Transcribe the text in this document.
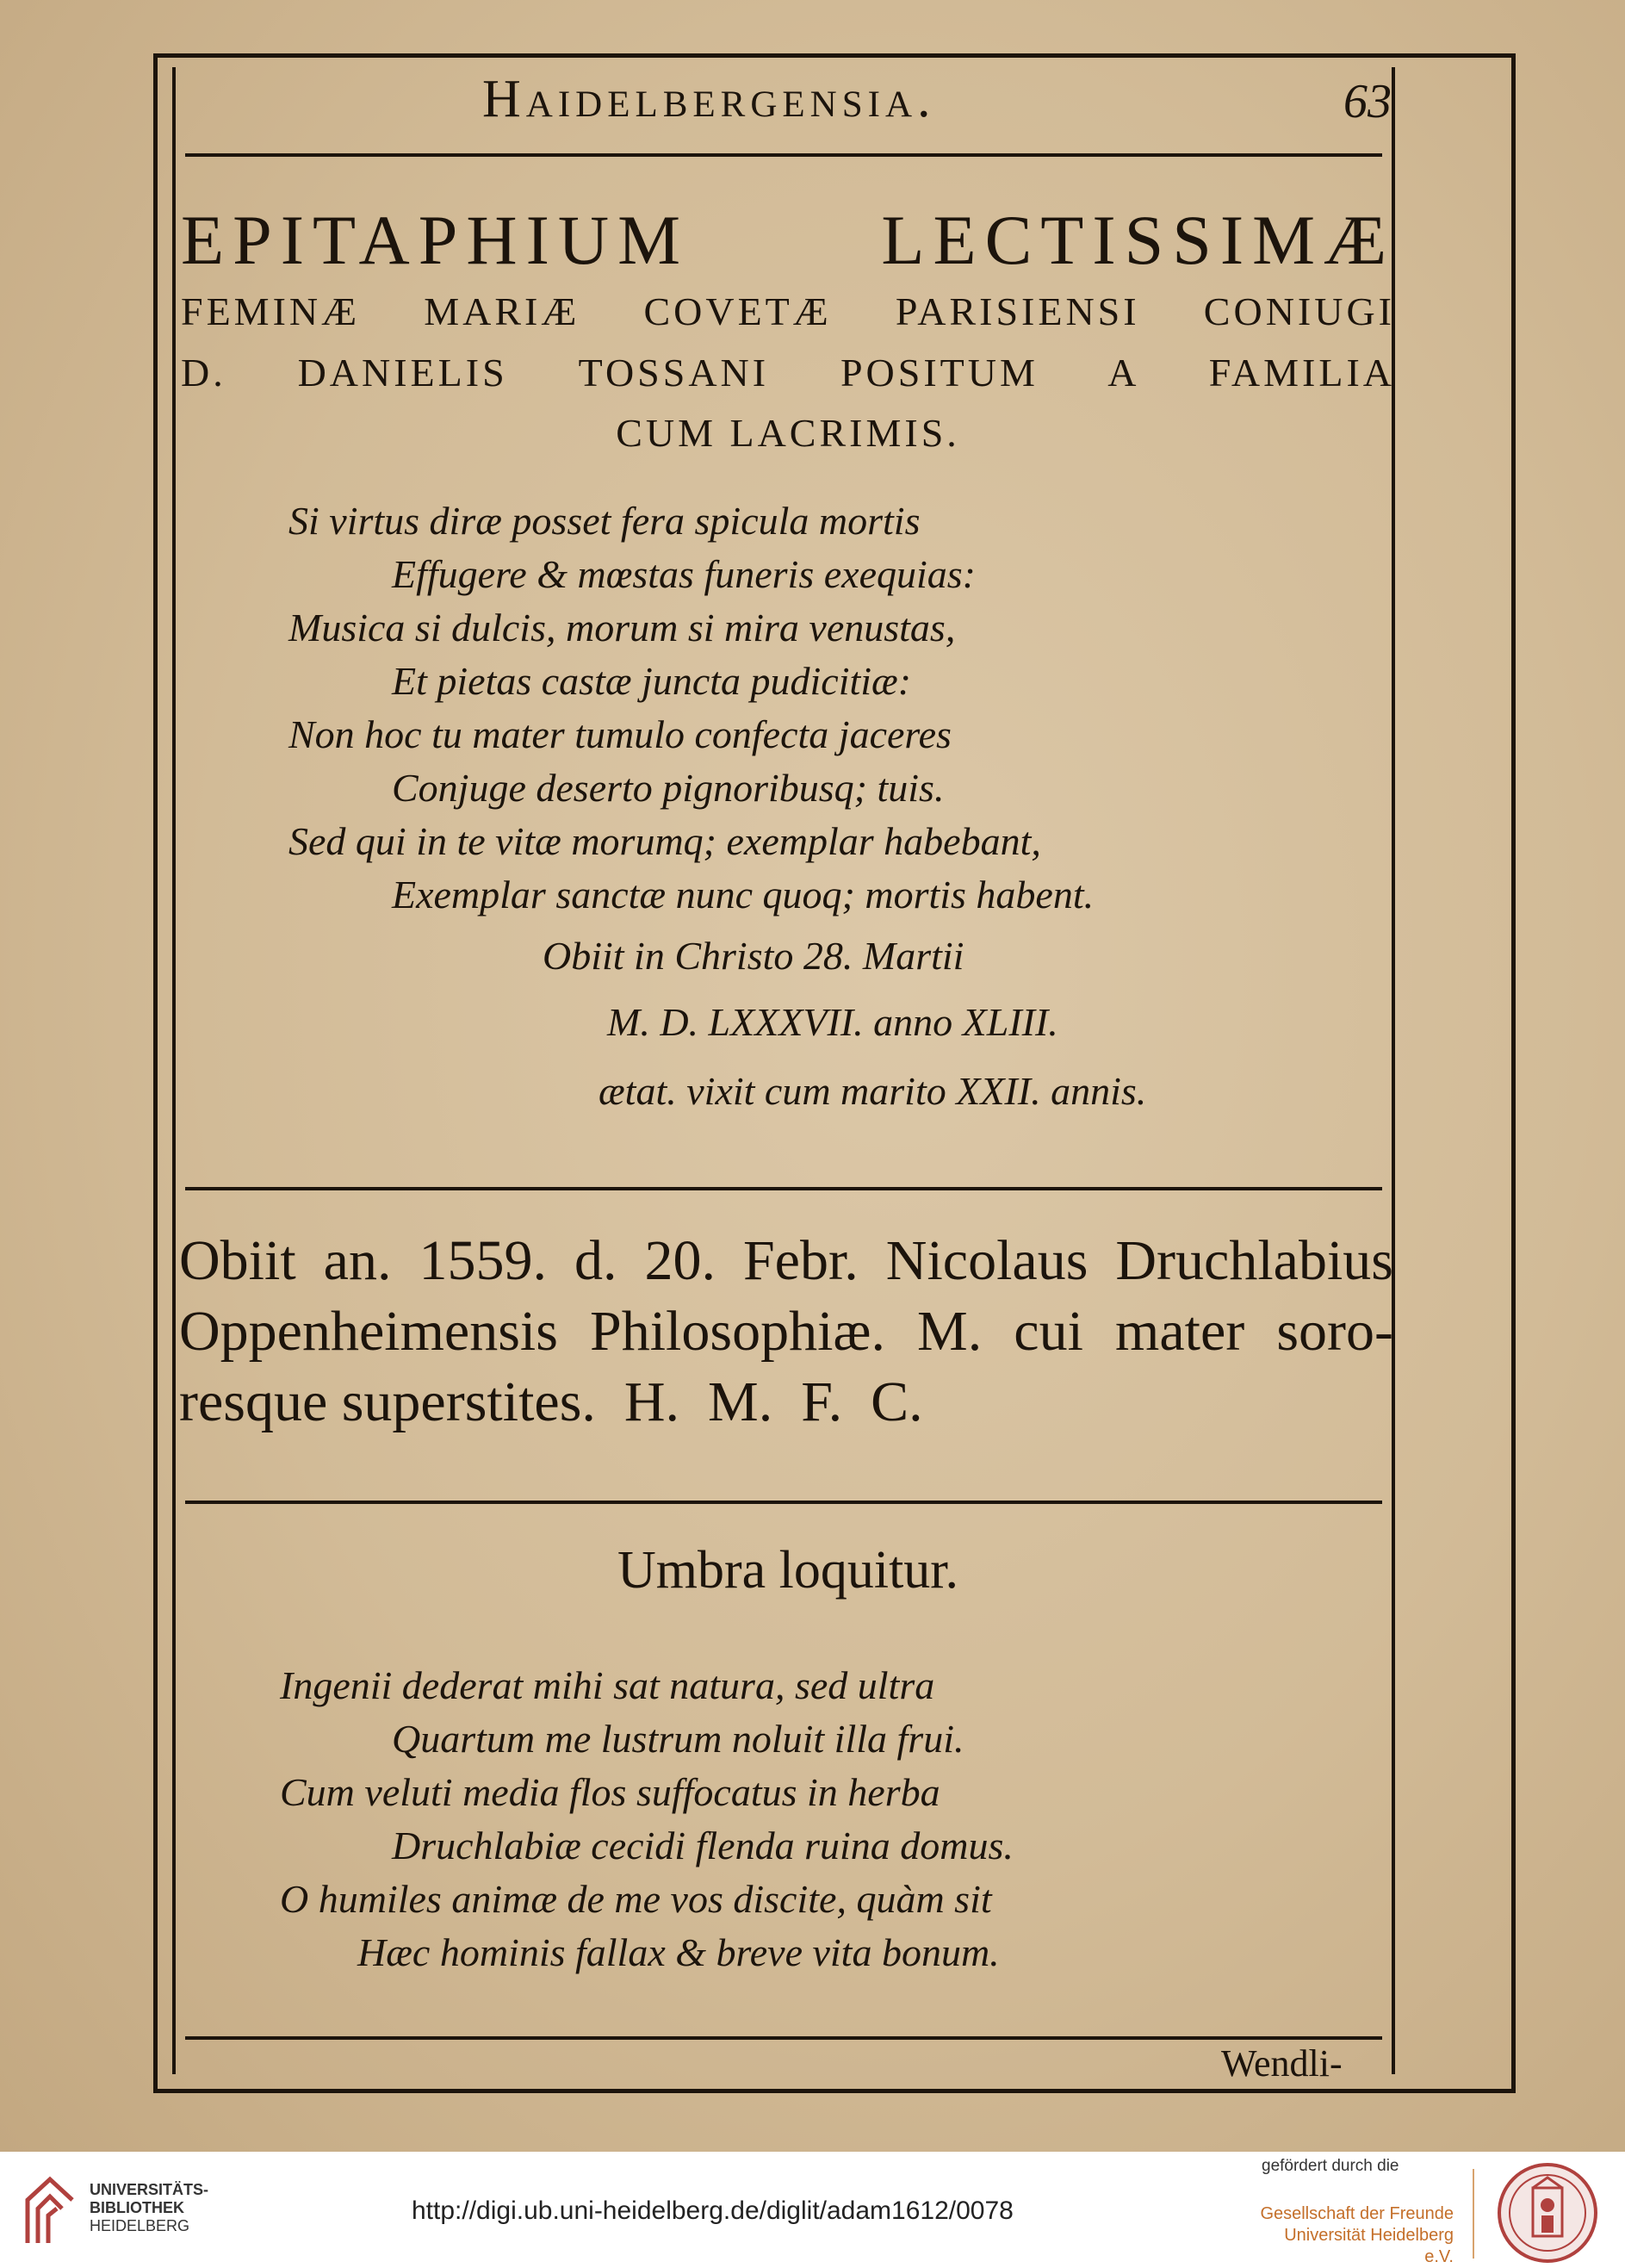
Haidelbergensia.	63
EPITAPHIUM LECTISSIMÆ
FEMINÆ MARIÆ COVETÆ PARISIENSI CONIUGI
D. DANIELIS TOSSANI POSITUM A FAMILIA
CUM LACRIMIS.
Si virtus diræ posset fera spicula mortis
Effugere & mœstas funeris exequias:
Musica si dulcis, morum si mira venustas,
Et pietas castæ juncta pudicitiæ:
Non hoc tu mater tumulo confecta jaceres
Conjuge deserto pignoribusq; tuis.
Sed qui in te vitæ morumq; exemplar habebant,
Exemplar sanctæ nunc quoq; mortis habent.
Obiit in Christo 28. Martii
M. D. LXXXVII. anno XLIII.
ætat. vixit cum marito XXII. annis.
Obiit an. 1559. d. 20. Febr. Nicolaus Druchlabius
Oppenheimensis Philosophiæ. M. cui mater soro-
resque superstites.  H.  M.  F.  C.
Umbra loquitur.
Ingenii dederat mihi sat natura, sed ultra
Quartum me lustrum noluit illa frui.
Cum veluti media flos suffocatus in herba
Druchlabiæ cecidi flenda ruina domus.
O humiles animæ de me vos discite, quàm sit
Hæc hominis fallax & breve vita bonum.
Wendli-
UNIVERSITÄTS-
BIBLIOTHEK
HEIDELBERG
http://digi.ub.uni-heidelberg.de/diglit/adam1612/0078
gefördert durch die
Gesellschaft der Freunde
Universität Heidelberg e.V.
